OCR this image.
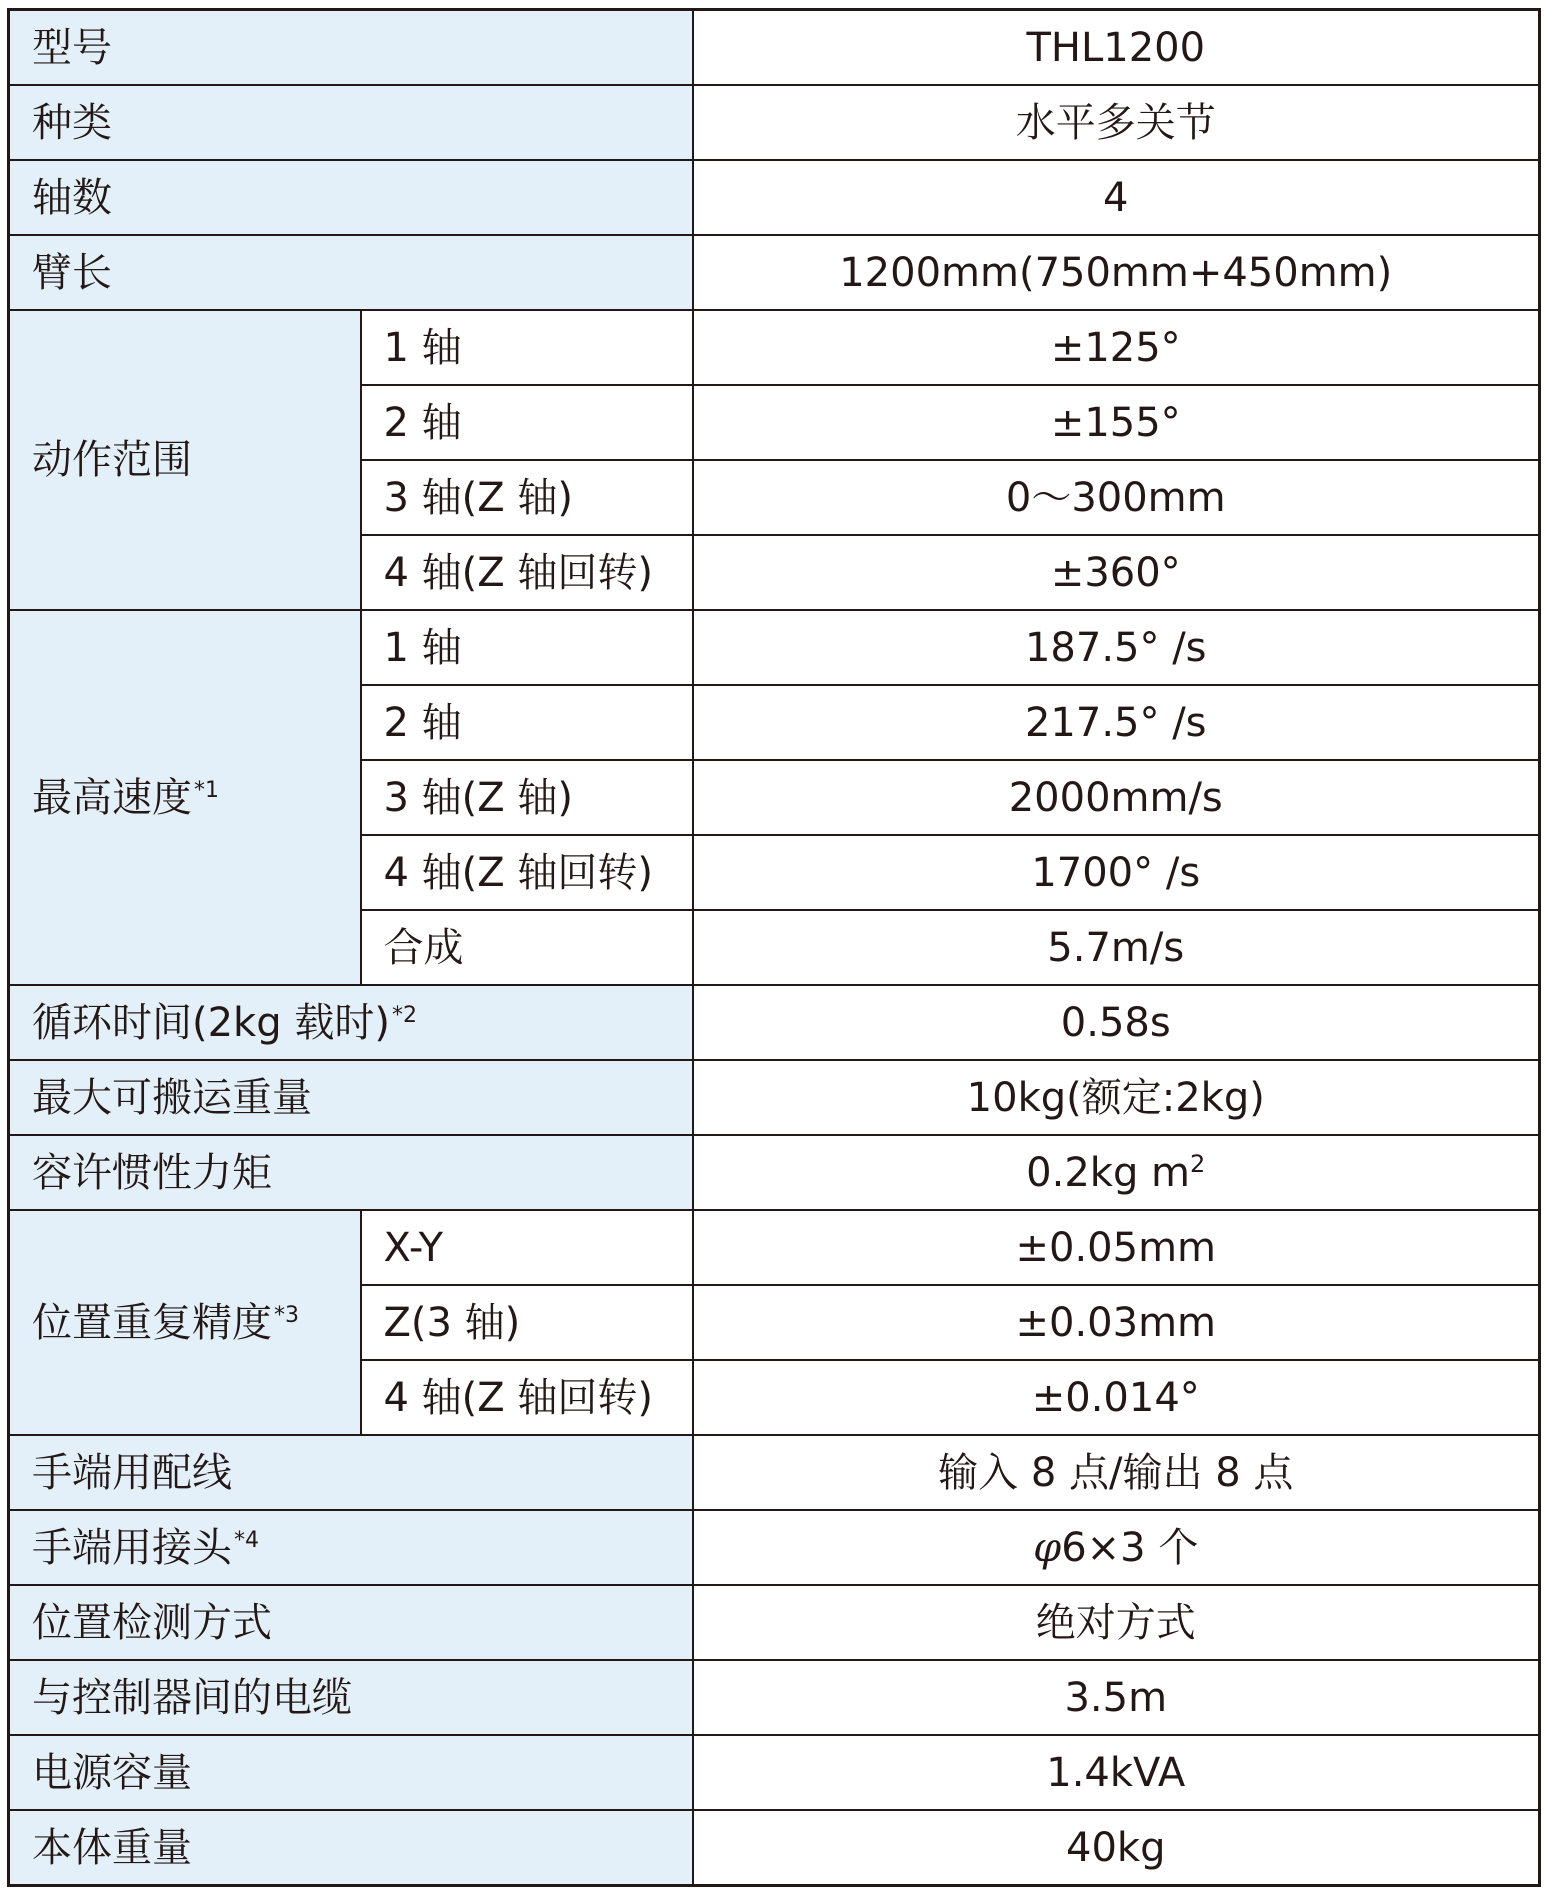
型号		THL1200
种类		水平多关节
轴数		4
臂长		1200mm(750mm+450mm)
动作范围	1 轴	±125°
	2 轴	±155°
	3 轴(Z 轴)	0～300mm
	4 轴(Z 轴回转)	±360°
最高速度$^{*1}$	1 轴	187.5° /s
	2 轴	217.5° /s
	3 轴(Z 轴)	2000mm/s
	4 轴(Z 轴回转)	1700° /s
	合成	5.7m/s
循环时间(2kg 载时)$^{*2}$		0.58s
最大可搬运重量		10kg(额定:2kg)
容许惯性力矩		0.2kg $m^2$
位置重复精度$^{*3}$	X-Y	±0.05mm
	Z(3 轴)	±0.03mm
	4 轴(Z 轴回转)	±0.014°
手端用配线		输入 8 点/输出 8 点
手端用接头$^{*4}$		φ6×3 个
位置检测方式		绝对方式
与控制器间的电缆		3.5m
电源容量		1.4kVA
本体重量		40kg
